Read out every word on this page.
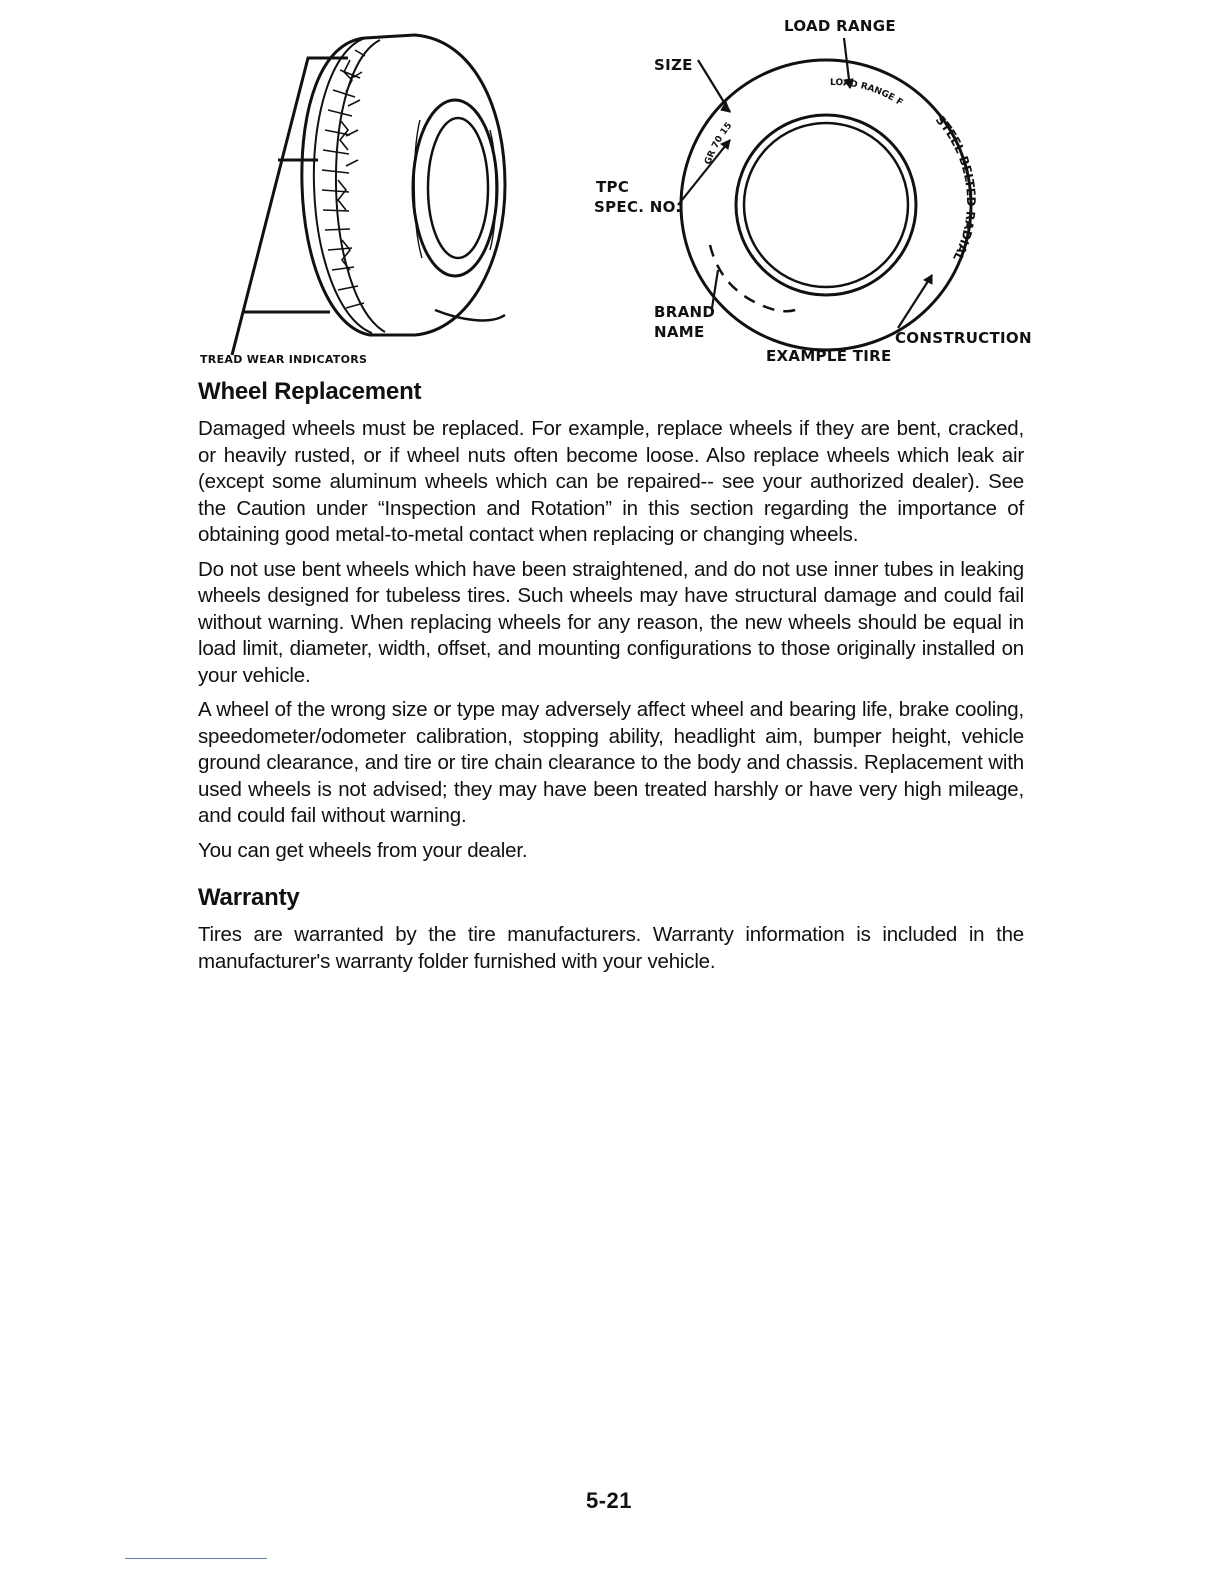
LOAD RANGE F
STEEL BELTED RADIAL
GR 70 15
TREAD WEAR INDICATORS
LOAD RANGE
SIZE
TPC
SPEC. NO.
BRAND
NAME	CONSTRUCTION
EXAMPLE TIRE
Wheel Replacement

Damaged wheels must be replaced. For example, replace wheels if they are bent, cracked, or heavily rusted, or if wheel nuts often become loose. Also replace wheels which leak air (except some aluminum wheels which can be repaired-- see your authorized dealer). See the Caution under “Inspection and Rotation” in this section regarding the importance of obtaining good metal-to-metal contact when replacing or changing wheels.

Do not use bent wheels which have been straightened, and do not use inner tubes in leaking wheels designed for tubeless tires. Such wheels may have structural damage and could fail without warning. When replacing wheels for any reason, the new wheels should be equal in load limit, diameter, width, offset, and mounting configurations to those originally installed on your vehicle.

A wheel of the wrong size or type may adversely affect wheel and bearing life, brake cooling, speedometer/odometer calibration, stopping ability, headlight aim, bumper height, vehicle ground clearance, and tire or tire chain clearance to the body and chassis. Replacement with used wheels is not advised; they may have been treated harshly or have very high mileage, and could fail without warning.

You can get wheels from your dealer.

Warranty

Tires are warranted by the tire manufacturers. Warranty information is included in the manufacturer's warranty folder furnished with your vehicle.

5-21
